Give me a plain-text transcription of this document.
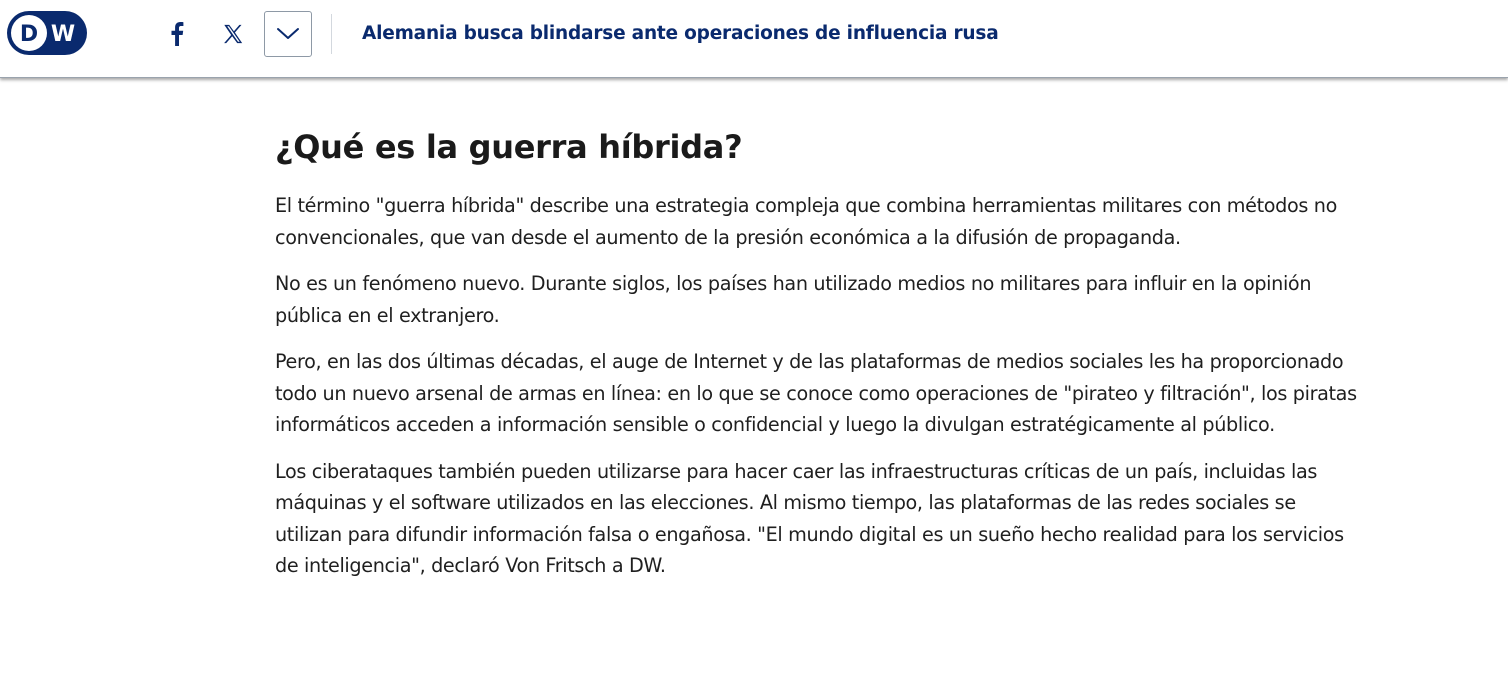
D W	Alemania busca blindarse ante operaciones de influencia rusa
¿Qué es la guerra híbrida?

El término "guerra híbrida" describe una estrategia compleja que combina herramientas militares con métodos no convencionales, que van desde el aumento de la presión económica a la difusión de propaganda.

No es un fenómeno nuevo. Durante siglos, los países han utilizado medios no militares para influir en la opinión pública en el extranjero.

Pero, en las dos últimas décadas, el auge de Internet y de las plataformas de medios sociales les ha proporcionado todo un nuevo arsenal de armas en línea: en lo que se conoce como operaciones de "pirateo y filtración", los piratas informáticos acceden a información sensible o confidencial y luego la divulgan estratégicamente al público.

Los ciberataques también pueden utilizarse para hacer caer las infraestructuras críticas de un país, incluidas las máquinas y el software utilizados en las elecciones. Al mismo tiempo, las plataformas de las redes sociales se utilizan para difundir información falsa o engañosa. "El mundo digital es un sueño hecho realidad para los servicios de inteligencia", declaró Von Fritsch a DW.
